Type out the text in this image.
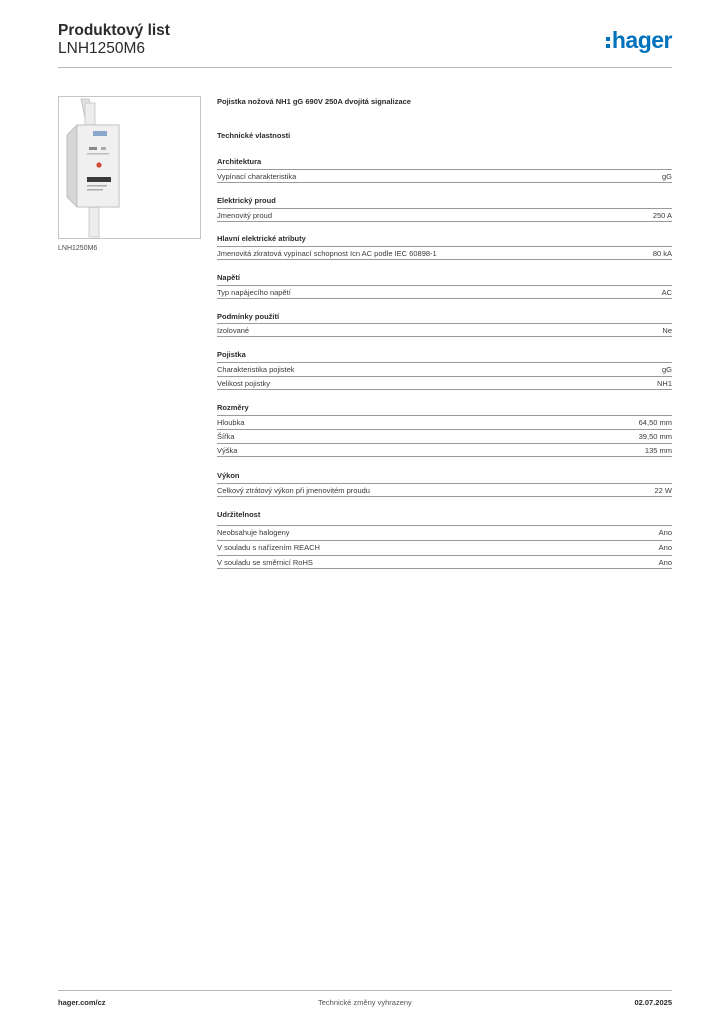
Produktový list
LNH1250M6	hager
LNH1250M6
Pojistka nožová NH1 gG 690V 250A dvojitá signalizace
Technické vlastnosti
Architektura
Vypínací charakteristika	gG
Elektrický proud
Jmenovitý proud	250 A
Hlavní elektrické atributy
Jmenovitá zkratová vypínací schopnost Icn AC podle IEC 60898-1	80 kA
Napětí
Typ napájecího napětí	AC
Podmínky použití
Izolované	Ne
Pojistka
Charakteristika pojistek	gG
Velikost pojistky	NH1
Rozměry
Hloubka	64,50 mm
Šířka	39,50 mm
Výška	135 mm
Výkon
Celkový ztrátový výkon při jmenovitém proudu	22 W
Udržitelnost
Neobsahuje halogeny	Ano
V souladu s nařízením REACH	Ano
V souladu se směrnicí RoHS	Ano
hager.com/cz	Technické změny vyhrazeny	02.07.2025
